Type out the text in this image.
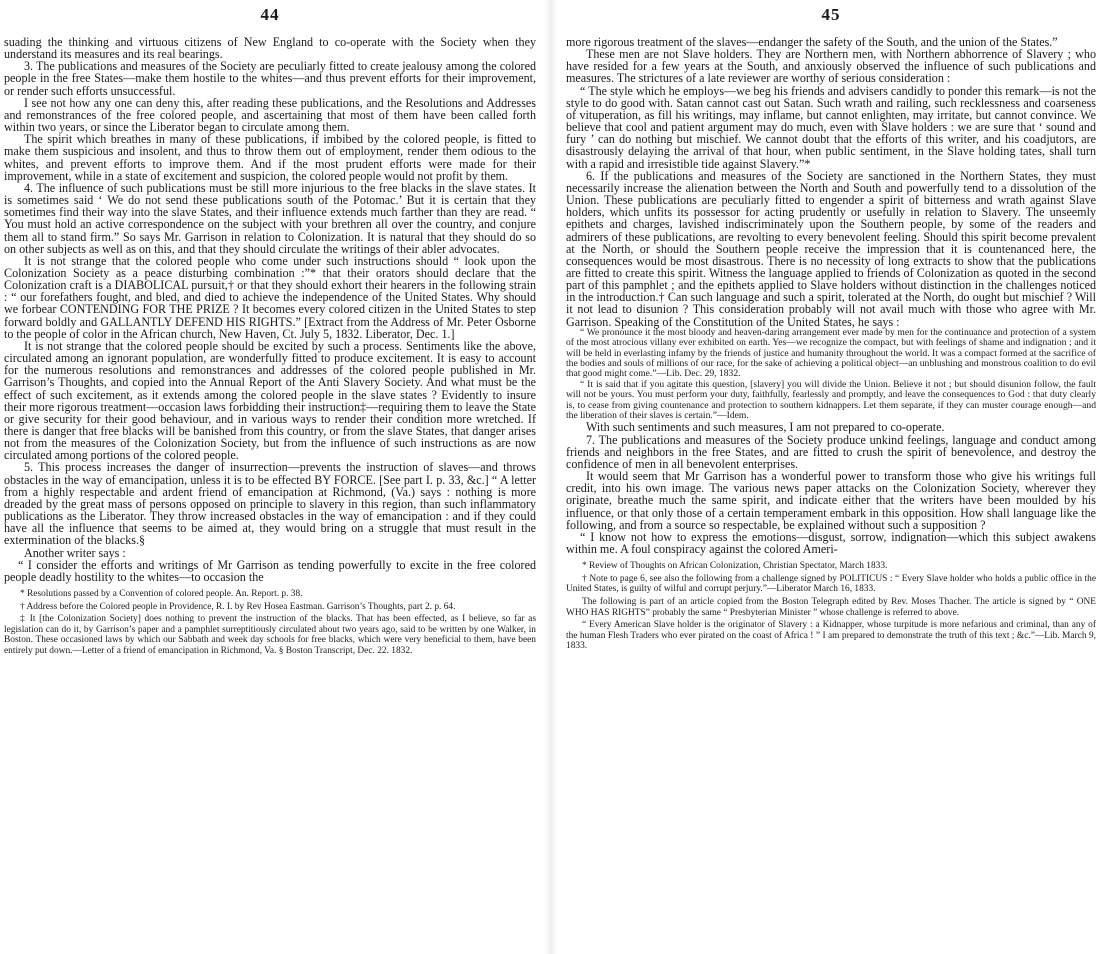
44

suading the thinking and virtuous citizens of New England to co-operate with the Society when they understand its measures and its real bearings.

3. The publications and measures of the Society are peculiarly fitted to create jealousy among the colored people in the free States—make them hostile to the whites—and thus prevent efforts for their improvement, or render such efforts unsuccessful.

I see not how any one can deny this, after reading these publications, and the Resolutions and Addresses and remonstrances of the free colored people, and ascertaining that most of them have been called forth within two years, or since the Liberator began to circulate among them.

The spirit which breathes in many of these publications, if imbibed by the colored people, is fitted to make them suspicious and insolent, and thus to throw them out of employment, render them odious to the whites, and prevent efforts to improve them. And if the most prudent efforts were made for their improvement, while in a state of excitement and suspicion, the colored people would not profit by them.

4. The influence of such publications must be still more injurious to the free blacks in the slave states. It is sometimes said ‘ We do not send these publications south of the Potomac.’ But it is certain that they sometimes find their way into the slave States, and their influence extends much farther than they are read. “ You must hold an active correspondence on the subject with your brethren all over the country, and conjure them all to stand firm.” So says Mr. Garrison in relation to Colonization. It is natural that they should do so on other subjects as well as on this, and that they should circulate the writings of their abler advocates.

It is not strange that the colored people who come under such instructions should “ look upon the Colonization Society as a peace disturbing combination :”* that their orators should declare that the Colonization craft is a DIABOLICAL pursuit,† or that they should exhort their hearers in the following strain : “ our forefathers fought, and bled, and died to achieve the independence of the United States. Why should we forbear CONTENDING FOR THE PRIZE ? It becomes every colored citizen in the United States to step forward boldly and GALLANTLY DEFEND HIS RIGHTS.” [Extract from the Address of Mr. Peter Osborne to the people of color in the African church, New Haven, Ct. July 5, 1832. Liberator, Dec. 1.]

It is not strange that the colored people should be excited by such a process. Sentiments like the above, circulated among an ignorant population, are wonderfully fitted to produce excitement. It is easy to account for the numerous resolutions and remonstrances and addresses of the colored people published in Mr. Garrison’s Thoughts, and copied into the Annual Report of the Anti Slavery Society. And what must be the effect of such excitement, as it extends among the colored people in the slave states ? Evidently to insure their more rigorous treatment—occasion laws forbidding their instruction‡—requiring them to leave the State or give security for their good behaviour, and in various ways to render their condition more wretched. If there is danger that free blacks will be banished from this country, or from the slave States, that danger arises not from the measures of the Colonization Society, but from the influence of such instructions as are now circulated among portions of the colored people.

5. This process increases the danger of insurrection—prevents the instruction of slaves—and throws obstacles in the way of emancipation, unless it is to be effected BY FORCE. [See part I. p. 33, &c.] “ A letter from a highly respectable and ardent friend of emancipation at Richmond, (Va.) says : nothing is more dreaded by the great mass of persons opposed on principle to slavery in this region, than such inflammatory publications as the Liberator. They throw increased obstacles in the way of emancipation : and if they could have all the influence that seems to be aimed at, they would bring on a struggle that must result in the extermination of the blacks.§

Another writer says :

“ I consider the efforts and writings of Mr Garrison as tending powerfully to excite in the free colored people deadly hostility to the whites—to occasion the

* Resolutions passed by a Convention of colored people. An. Report. p. 38.

† Address before the Colored people in Providence, R. I. by Rev Hosea Eastman. Garrison’s Thoughts, part 2. p. 64.

‡ It [the Colonization Society] does nothing to prevent the instruction of the blacks. That has been effected, as I believe, so far as legislation can do it, by Garrison’s paper and a pamphlet surreptitiously circulated about two years ago, said to be written by one Walker, in Boston. These occasioned laws by which our Sabbath and week day schools for free blacks, which were very beneficial to them, have been entirely put down.—Letter of a friend of emancipation in Richmond, Va. § Boston Transcript, Dec. 22. 1832.

45

more rigorous treatment of the slaves—endanger the safety of the South, and the union of the States.”

These men are not Slave holders. They are Northern men, with Northern abhorrence of Slavery ; who have resided for a few years at the South, and anxiously observed the influence of such publications and measures. The strictures of a late reviewer are worthy of serious consideration :

“ The style which he employs—we beg his friends and advisers candidly to ponder this remark—is not the style to do good with. Satan cannot cast out Satan. Such wrath and railing, such recklessness and coarseness of vituperation, as fill his writings, may inflame, but cannot enlighten, may irritate, but cannot convince. We believe that cool and patient argument may do much, even with Slave holders : we are sure that ‘ sound and fury ’ can do nothing but mischief. We cannot doubt that the efforts of this writer, and his coadjutors, are disastrously delaying the arrival of that hour, when public sentiment, in the Slave holding tates, shall turn with a rapid and irresistible tide against Slavery.”*

6. If the publications and measures of the Society are sanctioned in the Northern States, they must necessarily increase the alienation between the North and South and powerfully tend to a dissolution of the Union. These publications are peculiarly fitted to engender a spirit of bitterness and wrath against Slave holders, which unfits its possessor for acting prudently or usefully in relation to Slavery. The unseemly epithets and charges, lavished indiscriminately upon the Southern people, by some of the readers and admirers of these publications, are revolting to every benevolent feeling. Should this spirit become prevalent at the North, or should the Southern people receive the impression that it is countenanced here, the consequences would be most disastrous. There is no necessity of long extracts to show that the publications are fitted to create this spirit. Witness the language applied to friends of Colonization as quoted in the second part of this pamphlet ; and the epithets applied to Slave holders without distinction in the challenges noticed in the introduction.† Can such language and such a spirit, tolerated at the North, do ought but mischief ? Will it not lead to disunion ? This consideration probably will not avail much with those who agree with Mr. Garrison. Speaking of the Constitution of the United States, he says :

“ We pronounce it the most bloody and heaven-daring arrangement ever made by men for the continuance and protection of a system of the most atrocious villany ever exhibited on earth. Yes—we recognize the compact, but with feelings of shame and indignation ; and it will be held in everlasting infamy by the friends of justice and humanity throughout the world. It was a compact formed at the sacrifice of the bodies and souls of millions of our race, for the sake of achieving a political object—an unblushing and monstrous coalition to do evil that good might come.”—Lib. Dec. 29, 1832.

“ It is said that if you agitate this question, [slavery] you will divide the Union. Believe it not ; but should disunion follow, the fault will not be yours. You must perform your duty, faithfully, fearlessly and promptly, and leave the consequences to God : that duty clearly is, to cease from giving countenance and protection to southern kidnappers. Let them separate, if they can muster courage enough—and the liberation of their slaves is certain.”—Idem.

With such sentiments and such measures, I am not prepared to co-operate.

7. The publications and measures of the Society produce unkind feelings, language and conduct among friends and neighbors in the free States, and are fitted to crush the spirit of benevolence, and destroy the confidence of men in all benevolent enterprises.

It would seem that Mr Garrison has a wonderful power to transform those who give his writings full credit, into his own image. The various news paper attacks on the Colonization Society, wherever they originate, breathe much the same spirit, and indicate either that the writers have been moulded by his influence, or that only those of a certain temperament embark in this opposition. How shall language like the following, and from a source so respectable, be explained without such a supposition ?

“ I know not how to express the emotions—disgust, sorrow, indignation—which this subject awakens within me. A foul conspiracy against the colored Ameri-

* Review of Thoughts on African Colonization, Christian Spectator, March 1833.

† Note to page 6, see also the following from a challenge signed by POLITICUS : “ Every Slave holder who holds a public office in the United States, is guilty of wilful and corrupt perjury.”—Liberator March 16, 1833.

The following is part of an article copied from the Boston Telegraph edited by Rev. Moses Thacher. The article is signed by “ ONE WHO HAS RIGHTS” probably the same “ Presbyterian Minister ” whose challenge is referred to above.

“ Every American Slave holder is the originator of Slavery : a Kidnapper, whose turpitude is more nefarious and criminal, than any of the human Flesh Traders who ever pirated on the coast of Africa ! ” I am prepared to demonstrate the truth of this text ; &c.”—Lib. March 9, 1833.
